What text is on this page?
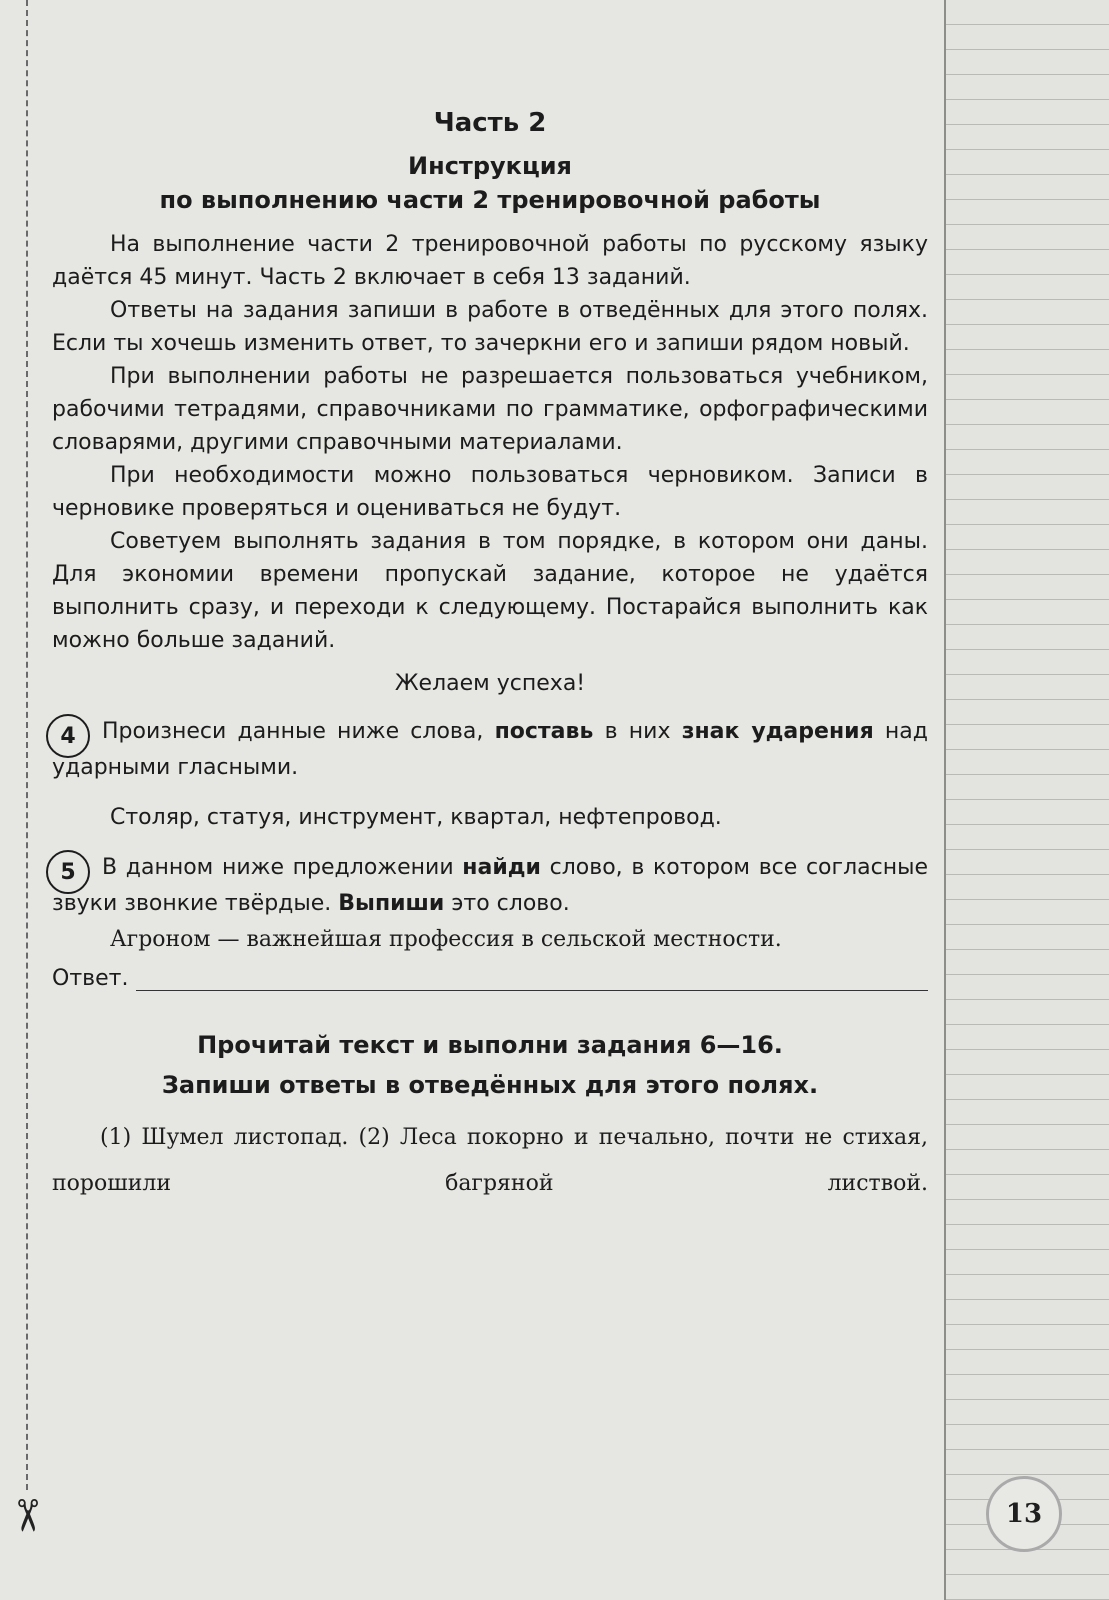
✂	13
Часть 2
Инструкция
по выполнению части 2 тренировочной работы

На выполнение части 2 тренировочной работы по русскому языку даётся 45 минут. Часть 2 включает в себя 13 заданий.

Ответы на задания запиши в работе в отведённых для этого полях. Если ты хочешь изменить ответ, то зачеркни его и запиши рядом новый.

При выполнении работы не разрешается пользоваться учебником, рабочими тетрадями, справочниками по грамматике, орфографическими словарями, другими справочными материалами.

При необходимости можно пользоваться черновиком. Записи в черновике проверяться и оцениваться не будут.

Советуем выполнять задания в том порядке, в котором они даны. Для экономии времени пропускай задание, которое не удаётся выполнить сразу, и переходи к следующему. Постарайся выполнить как можно больше заданий.

Желаем успеха!

4	Произнеси данные ниже слова, поставь в них знак ударения над ударными гласными.

Столяр, статуя, инструмент, квартал, нефтепровод.

5	В данном ниже предложении найди слово, в котором все согласные звуки звонкие твёрдые. Выпиши это слово.

Агроном — важнейшая профессия в сельской местности.

Ответ.
Прочитай текст и выполни задания 6—16.
Запиши ответы в отведённых для этого полях.

(1) Шумел листопад. (2) Леса покорно и печально, почти не стихая, порошили багряной листвой.
